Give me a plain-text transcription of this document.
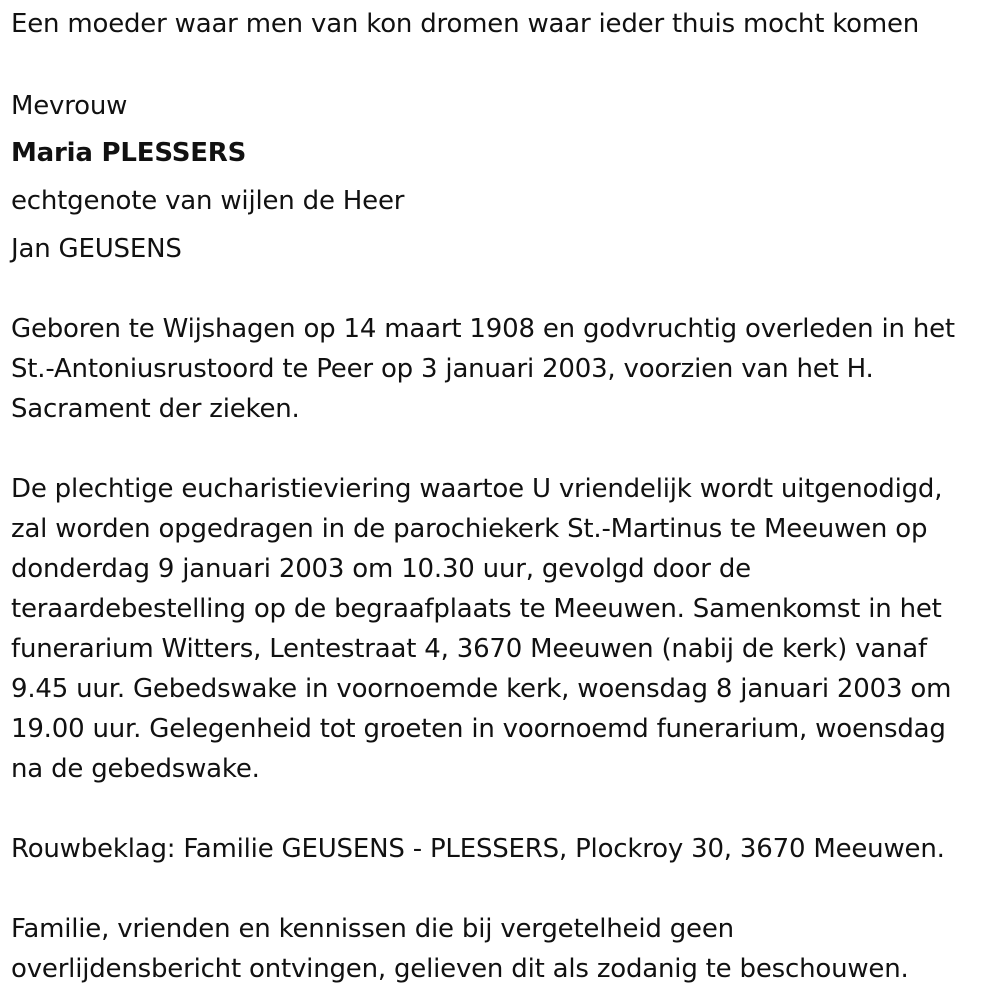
Een moeder waar men van kon dromen waar ieder thuis mocht komen
Mevrouw
Maria PLESSERS
echtgenote van wijlen de Heer
Jan GEUSENS
Geboren te Wijshagen op 14 maart 1908 en godvruchtig overleden in het
St.-Antoniusrustoord te Peer op 3 januari 2003, voorzien van het H.
Sacrament der zieken.
De plechtige eucharistieviering waartoe U vriendelijk wordt uitgenodigd,
zal worden opgedragen in de parochiekerk St.-Martinus te Meeuwen op
donderdag 9 januari 2003 om 10.30 uur, gevolgd door de
teraardebestelling op de begraafplaats te Meeuwen. Samenkomst in het
funerarium Witters, Lentestraat 4, 3670 Meeuwen (nabij de kerk) vanaf
9.45 uur. Gebedswake in voornoemde kerk, woensdag 8 januari 2003 om
19.00 uur. Gelegenheid tot groeten in voornoemd funerarium, woensdag
na de gebedswake.
Rouwbeklag: Familie GEUSENS - PLESSERS, Plockroy 30, 3670 Meeuwen.
Familie, vrienden en kennissen die bij vergetelheid geen
overlijdensbericht ontvingen, gelieven dit als zodanig te beschouwen.
